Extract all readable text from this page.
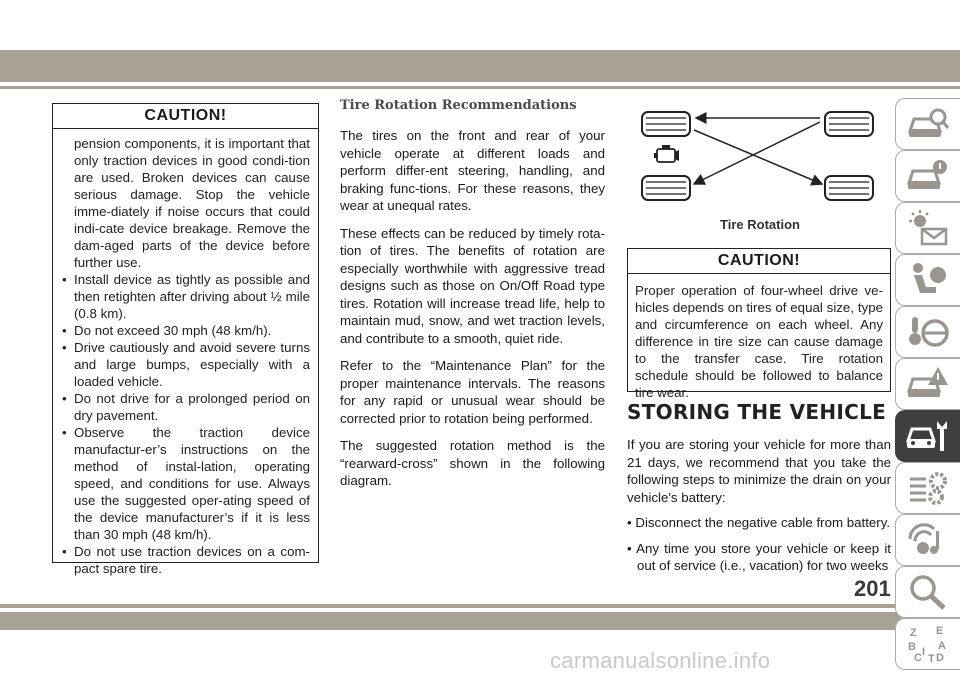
CAUTION!

pension components, it is important that only traction devices in good condi-tion are used. Broken devices can cause serious damage. Stop the vehicle imme-diately if noise occurs that could indi-cate device breakage. Remove the dam-aged parts of the device before further use.

• Install device as tightly as possible and then retighten after driving about ½ mile (0.8 km).
• Do not exceed 30 mph (48 km/h).
• Drive cautiously and avoid severe turns and large bumps, especially with a loaded vehicle.
• Do not drive for a prolonged period on dry pavement.
• Observe the traction device manufactur-er’s instructions on the method of instal-lation, operating speed, and conditions for use. Always use the suggested oper-ating speed of the device manufacturer’s if it is less than 30 mph (48 km/h).
• Do not use traction devices on a com-pact spare tire.
Tire Rotation Recommendations

The tires on the front and rear of your vehicle operate at different loads and perform differ-ent steering, handling, and braking func-tions. For these reasons, they wear at unequal rates.

These effects can be reduced by timely rota-tion of tires. The benefits of rotation are especially worthwhile with aggressive tread designs such as those on On/Off Road type tires. Rotation will increase tread life, help to maintain mud, snow, and wet traction levels, and contribute to a smooth, quiet ride.

Refer to the “Maintenance Plan” for the proper maintenance intervals. The reasons for any rapid or unusual wear should be corrected prior to rotation being performed.

The suggested rotation method is the “rearward-cross” shown in the following diagram.

Tire Rotation
CAUTION!

Proper operation of four-wheel drive ve-hicles depends on tires of equal size, type and circumference on each wheel. Any difference in tire size can cause damage to the transfer case. Tire rotation schedule should be followed to balance tire wear.

STORING THE VEHICLE

If you are storing your vehicle for more than 21 days, we recommend that you take the following steps to minimize the drain on your vehicle's battery:

• Disconnect the negative cable from battery.

• Any time you store your vehicle or keep it out of service (i.e., vacation) for two weeks

Z E
B A
C D
I
T
201
carmanualsonline.info
